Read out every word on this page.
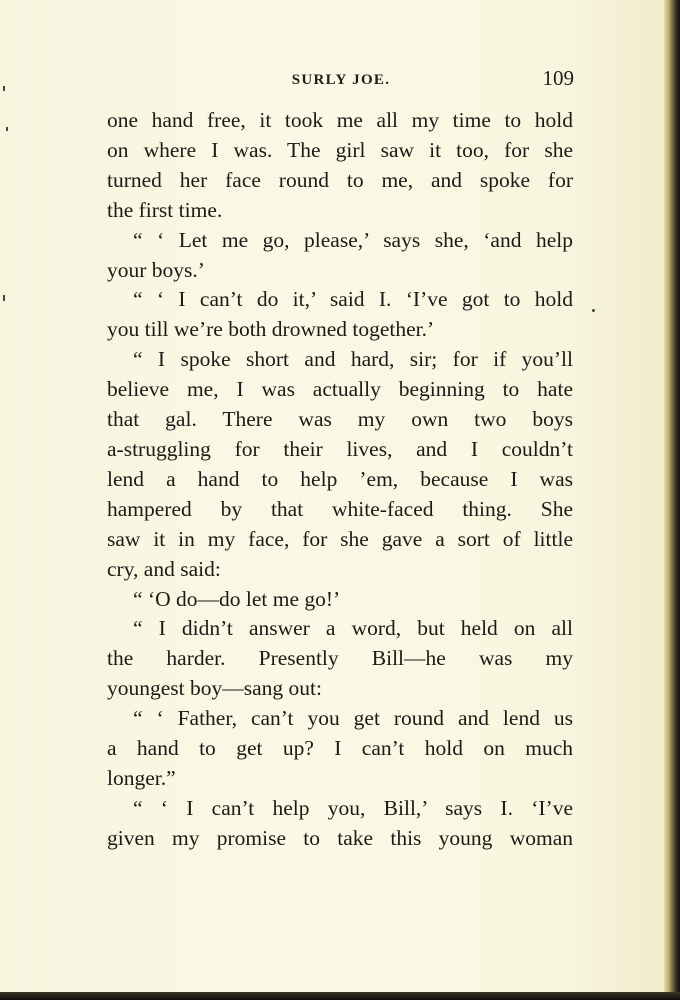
SURLY JOE.	109
one hand free, it took me all my time to hold
on where I was. The girl saw it too, for she
turned her face round to me, and spoke for
the first time.
“ ‘ Let me go, please,’ says she, ‘and help
your boys.’
“ ‘ I can’t do it,’ said I. ‘I’ve got to hold
you till we’re both drowned together.’
“ I spoke short and hard, sir; for if you’ll
believe me, I was actually beginning to hate
that gal. There was my own two boys
a-struggling for their lives, and I couldn’t
lend a hand to help ’em, because I was
hampered by that white-faced thing. She
saw it in my face, for she gave a sort of little
cry, and said:
“ ‘O do—do let me go!’
“ I didn’t answer a word, but held on all
the harder. Presently Bill—he was my
youngest boy—sang out:
“ ‘ Father, can’t you get round and lend us
a hand to get up? I can’t hold on much
longer.”
“ ‘ I can’t help you, Bill,’ says I. ‘I’ve
given my promise to take this young woman
